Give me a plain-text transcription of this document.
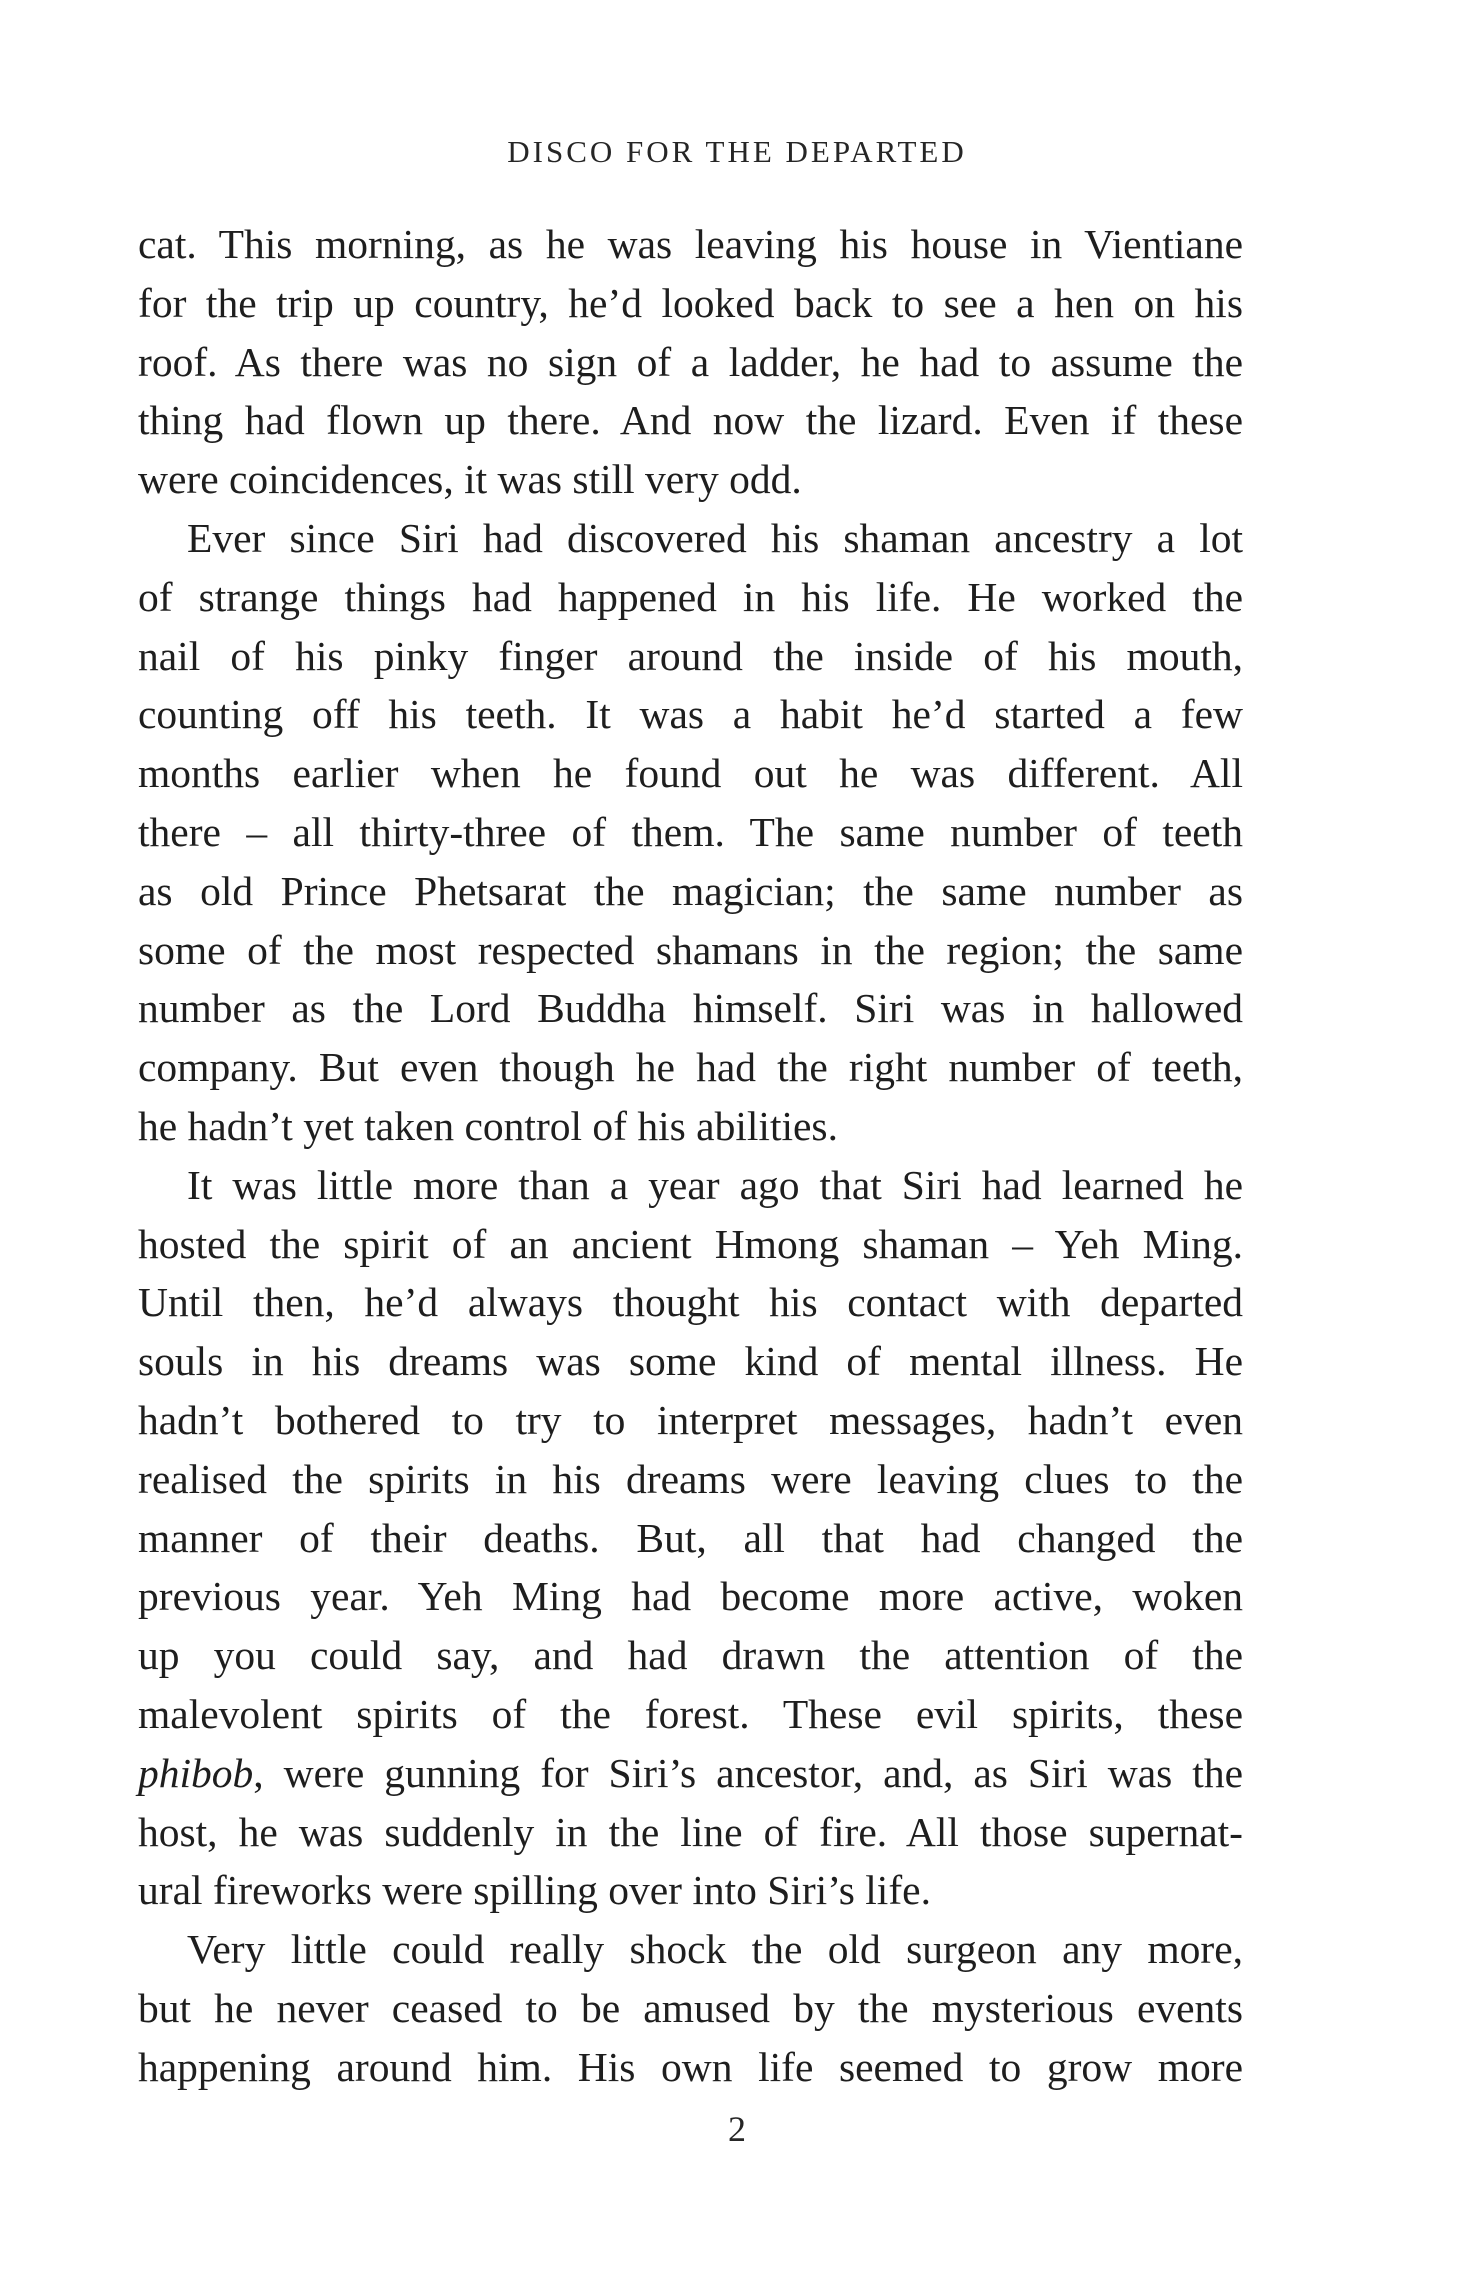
DISCO FOR THE DEPARTED
cat. This morning, as he was leaving his house in Vientiane
for the trip up country, he’d looked back to see a hen on his
roof. As there was no sign of a ladder, he had to assume the
thing had flown up there. And now the lizard. Even if these
were coincidences, it was still very odd.
Ever since Siri had discovered his shaman ancestry a lot
of strange things had happened in his life. He worked the
nail of his pinky finger around the inside of his mouth,
counting off his teeth. It was a habit he’d started a few
months earlier when he found out he was different. All
there – all thirty-three of them. The same number of teeth
as old Prince Phetsarat the magician; the same number as
some of the most respected shamans in the region; the same
number as the Lord Buddha himself. Siri was in hallowed
company. But even though he had the right number of teeth,
he hadn’t yet taken control of his abilities.
It was little more than a year ago that Siri had learned he
hosted the spirit of an ancient Hmong shaman – Yeh Ming.
Until then, he’d always thought his contact with departed
souls in his dreams was some kind of mental illness. He
hadn’t bothered to try to interpret messages, hadn’t even
realised the spirits in his dreams were leaving clues to the
manner of their deaths. But, all that had changed the
previous year. Yeh Ming had become more active, woken
up you could say, and had drawn the attention of the
malevolent spirits of the forest. These evil spirits, these
phibob, were gunning for Siri’s ancestor, and, as Siri was the
host, he was suddenly in the line of fire. All those supernat-
ural fireworks were spilling over into Siri’s life.
Very little could really shock the old surgeon any more,
but he never ceased to be amused by the mysterious events
happening around him. His own life seemed to grow more
2
